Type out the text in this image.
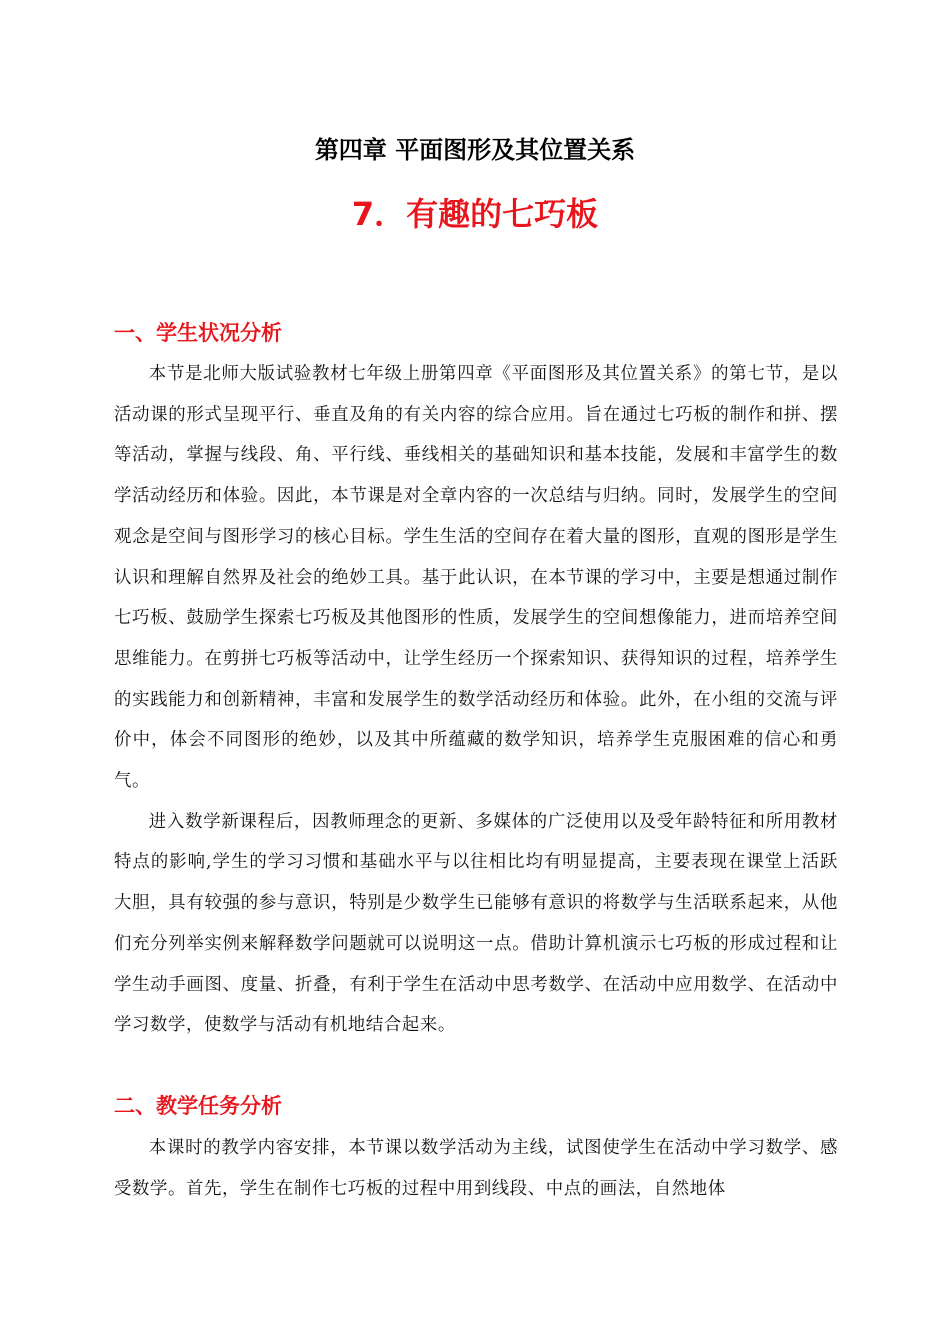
第四章 平面图形及其位置关系
7．有趣的七巧板
一、学生状况分析

本节是北师大版试验教材七年级上册第四章《平面图形及其位置关系》的第七节，是以活动课的形式呈现平行、垂直及角的有关内容的综合应用。旨在通过七巧板的制作和拼、摆等活动，掌握与线段、角、平行线、垂线相关的基础知识和基本技能，发展和丰富学生的数学活动经历和体验。因此，本节课是对全章内容的一次总结与归纳。同时，发展学生的空间观念是空间与图形学习的核心目标。学生生活的空间存在着大量的图形，直观的图形是学生认识和理解自然界及社会的绝妙工具。基于此认识，在本节课的学习中，主要是想通过制作七巧板、鼓励学生探索七巧板及其他图形的性质，发展学生的空间想像能力，进而培养空间思维能力。在剪拼七巧板等活动中，让学生经历一个探索知识、获得知识的过程，培养学生的实践能力和创新精神，丰富和发展学生的数学活动经历和体验。此外，在小组的交流与评价中，体会不同图形的绝妙，以及其中所蕴藏的数学知识，培养学生克服困难的信心和勇气。

进入数学新课程后，因教师理念的更新、多媒体的广泛使用以及受年龄特征和所用教材特点的影响,学生的学习习惯和基础水平与以往相比均有明显提高，主要表现在课堂上活跃大胆，具有较强的参与意识，特别是少数学生已能够有意识的将数学与生活联系起来，从他们充分列举实例来解释数学问题就可以说明这一点。借助计算机演示七巧板的形成过程和让学生动手画图、度量、折叠，有利于学生在活动中思考数学、在活动中应用数学、在活动中学习数学，使数学与活动有机地结合起来。

二、教学任务分析

本课时的教学内容安排，本节课以数学活动为主线，试图使学生在活动中学习数学、感受数学。首先，学生在制作七巧板的过程中用到线段、中点的画法，自然地体
